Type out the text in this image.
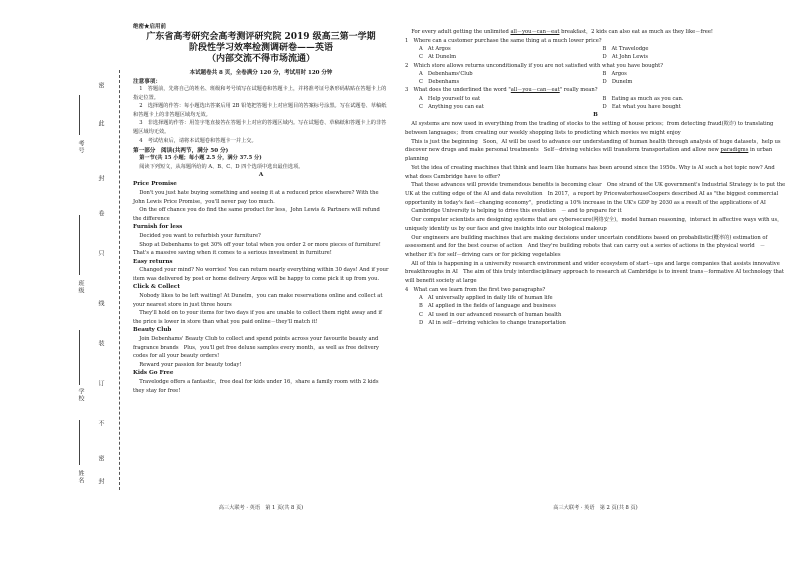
密
封
线
此
卷
只
装
订
不
密
封
考号
班级
学校
姓名
绝密★启用前
广东省高考研究会高考测评研究院 2019 级高三第一学期
阶段性学习效率检测调研卷——英语
（内部交流不得市场流通）
本试题卷共 8 页，全卷满分 120 分，考试用时 120 分钟
注意事项：

1　答题前，先将自己的姓名、班级和考号填写在试题卷和答题卡上，并将准考证号条形码粘贴在答题卡上的指定位置。

2　选择题的作答：每小题选出答案后用 2B 铅笔把答题卡上对应题目的答案标号涂黑。写在试题卷、草稿纸和答题卡上的非答题区域均无效。

3　非选择题的作答：用签字笔直接答在答题卡上对应的答题区域内。写在试题卷、草稿纸和答题卡上的非答题区域均无效。

4　考试结束后，请将本试题卷和答题卡一并上交。

第一部分　阅读(共两节，满分 50 分)

第一节(共 15 小题；每小题 2.5 分，满分 37.5 分)

阅读下列短文，从每题所给的 A、B、C、D 四个选项中选出最佳选项。

A

Price Promise

Don't you just hate buying something and seeing it at a reduced price elsewhere? With the John Lewis Price Promise，you'll never pay too much.

On the off chance you do find the same product for less，John Lewis & Partners will refund the difference

Furnish for less

Decided you want to refurbish your furniture?

Shop at Debenhams to get 30% off your total when you order 2 or more pieces of furniture! That's a massive saving when it comes to a serious investment in furniture!

Easy returns

Changed your mind? No worries! You can return nearly everything within 30 days! And if your item was delivered by post or home delivery Argos will be happy to come pick it up from you.

Click & Collect

Nobody likes to be left waiting! At Dunelm，you can make reservations online and collect at your nearest store in just three hours

They'll hold on to your items for two days if you are unable to collect them right away and if the price is lower in store than what you paid online－they'll match it!

Beauty Club

Join Debenhams' Beauty Club to collect and spend points across your favourite beauty and fragrance brands　Plus，you'll get free deluxe samples every month，as well as free delivery codes for all your beauty orders!

Reward your passion for beauty today!

Kids Go Free

Travelodge offers a fantastic，free deal for kids under 16，share a family room with 2 kids they stay for free!

高三大联考 · 英语　第 1 页(共 8 页)

For every adult getting the unlimited all－you－can－eat breakfast，2 kids can also eat as much as they like－free!

1　Where can a customer purchase the same thing at a much lower price?

A　At Argos	B　At Travelodge
C　At Dunelm	D　At John Lewis

2　Which store allows returns unconditionally if you are not satisfied with what you have bought?

A　Debenhams'Club	B　Argos
C　Debenhams	D　Dunelm

3　What does the underlined the word "all－you－can－eat" really mean?

A　Help yourself to eat	B　Eating as much as you can.
C　Anything you can eat	D　Eat what you have bought
B

AI systems are now used in everything from the trading of stocks to the setting of house prices；from detecting fraud(欺诈) to translating between languages；from creating our weekly shopping lists to predicting which movies we might enjoy

This is just the beginning　Soon，AI will be used to advance our understanding of human health through analysis of huge datasets，help us discover new drugs and make personal treatments　Self－driving vehicles will transform transportation and allow new paradigms in urban planning

Yet the idea of creating machines that think and learn like humans has been around since the 1950s. Why is AI such a hot topic now? And what does Cambridge have to offer?

That these advances will provide tremendous benefits is becoming clear　One strand of the UK government's Industrial Strategy is to put the UK at the cutting edge of the AI and data revolution　In 2017，a report by PricewaterhouseCoopers described AI as "the biggest commercial opportunity in today's fast－changing economy"，predicting a 10% increase in the UK's GDP by 2030 as a result of the applications of AI

Cambridge University is helping to drive this evolution　－ and to prepare for it

Our computer scientists are designing systems that are cybersecure(网络安全)，model human reasoning，interact in affective ways with us，uniquely identify us by our face and give insights into our biological makeup

Our engineers are building machines that are making decisions under uncertain conditions based on probabilistic(概率的) estimation of assessment and for the best course of action　And they're building robots that can carry out a series of actions in the physical world　－ whether it's for self－driving cars or for picking vegetables

All of this is happening in a university research environment and wider ecosystem of start－ups and large companies that assists innovative breakthroughs in AI　The aim of this truly interdisciplinary approach to research at Cambridge is to invent trans－formative AI technology that will benefit society at large

4　What can we learn from the first two paragraphs?

A　AI universally applied in daily life of human life

B　AI applied in the fields of language and business

C　AI used in our advanced research of human health

D　AI in self－driving vehicles to change transportation

高三大联考 · 英语　第 2 页(共 8 页)
